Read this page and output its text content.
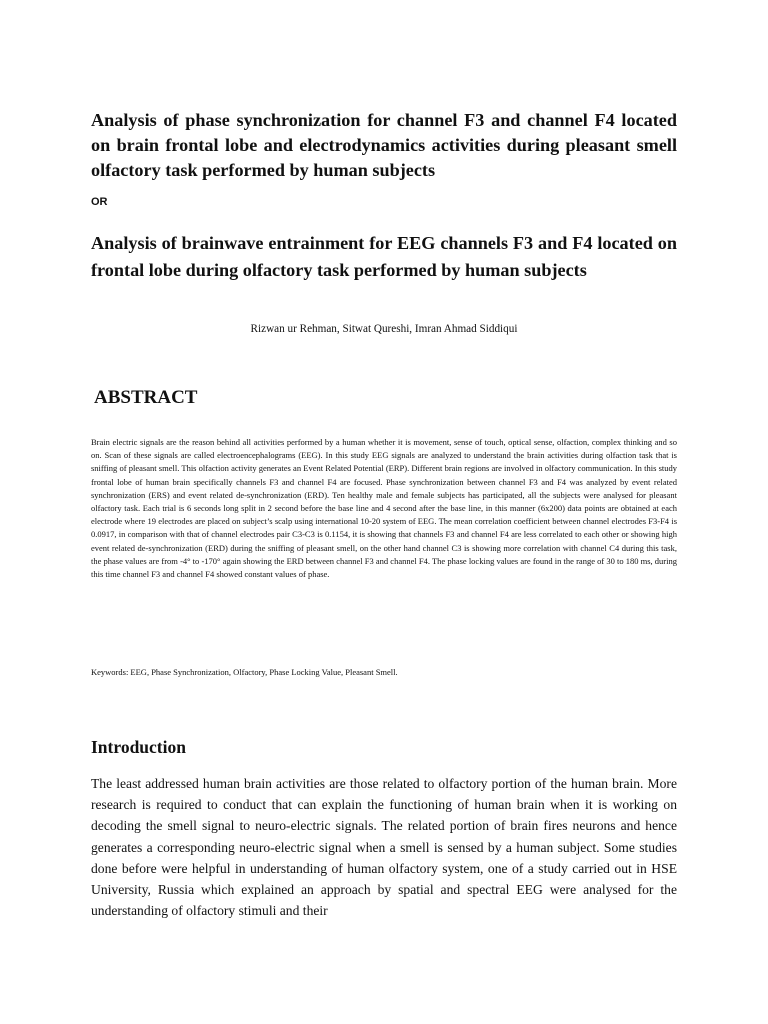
Analysis of phase synchronization for channel F3 and channel F4 located on brain frontal lobe and electrodynamics activities during pleasant smell olfactory task performed by human subjects
OR
Analysis of brainwave entrainment for EEG channels F3 and F4 located on frontal lobe during olfactory task performed by human subjects
Rizwan ur Rehman, Sitwat Qureshi, Imran Ahmad Siddiqui
ABSTRACT

Brain electric signals are the reason behind all activities performed by a human whether it is movement, sense of touch, optical sense, olfaction, complex thinking and so on. Scan of these signals are called electroencephalograms (EEG). In this study EEG signals are analyzed to understand the brain activities during olfaction task that is sniffing of pleasant smell. This olfaction activity generates an Event Related Potential (ERP). Different brain regions are involved in olfactory communication. In this study frontal lobe of human brain specifically channels F3 and channel F4 are focused. Phase synchronization between channel F3 and F4 was analyzed by event related synchronization (ERS) and event related de-synchronization (ERD). Ten healthy male and female subjects has participated, all the subjects were analysed for pleasant olfactory task. Each trial is 6 seconds long split in 2 second before the base line and 4 second after the base line, in this manner (6x200) data points are obtained at each electrode where 19 electrodes are placed on subject’s scalp using international 10-20 system of EEG. The mean correlation coefficient between channel electrodes F3-F4 is 0.0917, in comparison with that of channel electrodes pair C3-C3 is 0.1154, it is showing that channels F3 and channel F4 are less correlated to each other or showing high event related de-synchronization (ERD) during the sniffing of pleasant smell, on the other hand channel C3 is showing more correlation with channel C4 during this task, the phase values are from -4° to -170° again showing the ERD between channel F3 and channel F4. The phase locking values are found in the range of 30 to 180 ms, during this time channel F3 and channel F4 showed constant values of phase.

Keywords: EEG, Phase Synchronization, Olfactory, Phase Locking Value, Pleasant Smell.

Introduction

The least addressed human brain activities are those related to olfactory portion of the human brain. More research is required to conduct that can explain the functioning of human brain when it is working on decoding the smell signal to neuro-electric signals. The related portion of brain fires neurons and hence generates a corresponding neuro-electric signal when a smell is sensed by a human subject. Some studies done before were helpful in understanding of human olfactory system, one of a study carried out in HSE University, Russia which explained an approach by spatial and spectral EEG were analysed for the understanding of olfactory stimuli and their
